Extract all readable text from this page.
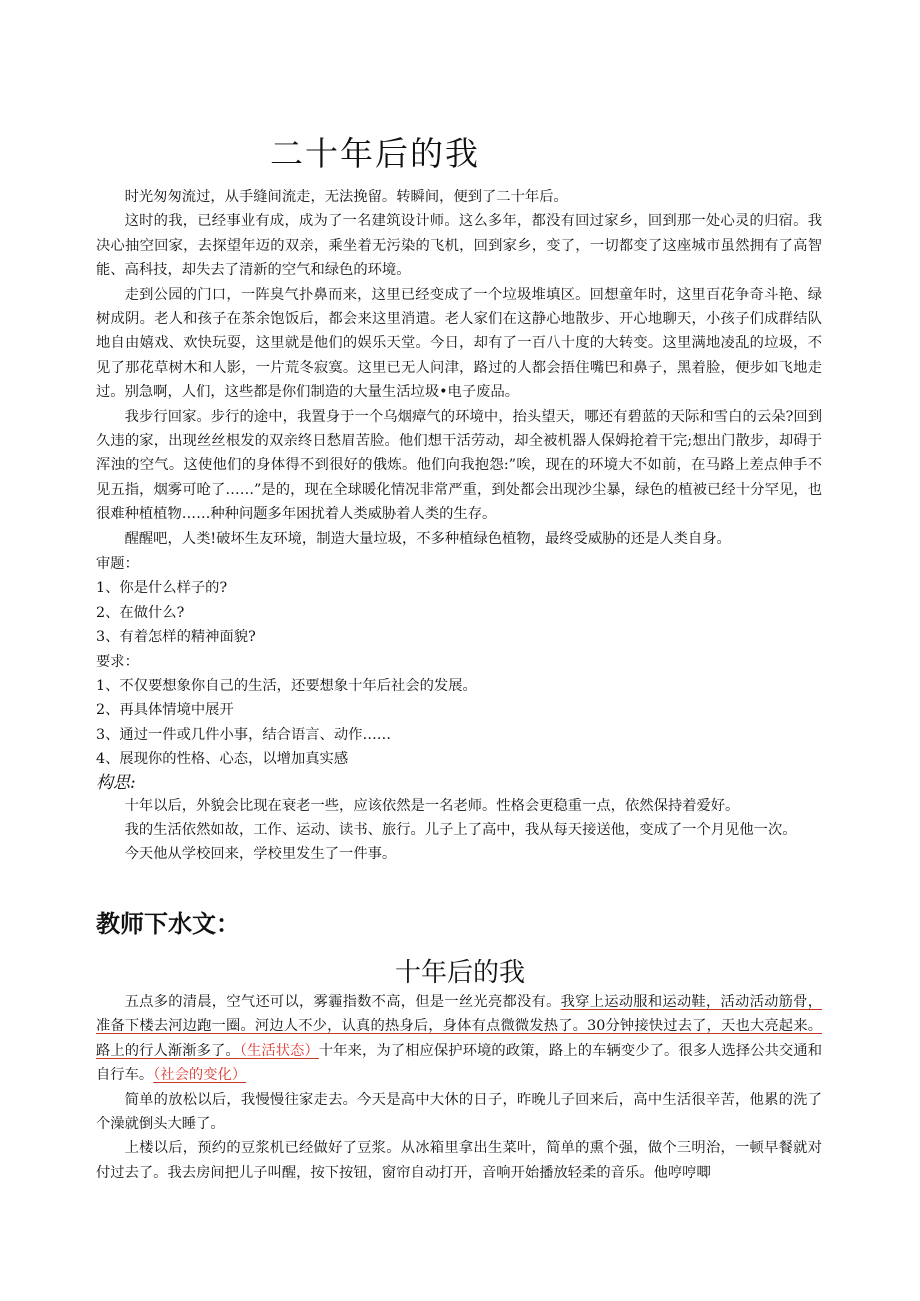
二十年后的我

时光匆匆流过，从手缝间流走，无法挽留。转瞬间，便到了二十年后。

这时的我，已经事业有成，成为了一名建筑设计师。这么多年，都没有回过家乡，回到那一处心灵的归宿。我决心抽空回家，去探望年迈的双亲，乘坐着无污染的飞机，回到家乡，变了，一切都变了这座城市虽然拥有了高智能、高科技，却失去了清新的空气和绿色的环境。

走到公园的门口，一阵臭气扑鼻而来，这里已经变成了一个垃圾堆填区。回想童年时，这里百花争奇斗艳、绿树成阴。老人和孩子在茶余饱饭后，都会来这里消遣。老人家们在这静心地散步、开心地聊天，小孩子们成群结队地自由嬉戏、欢快玩耍，这里就是他们的娱乐天堂。今日，却有了一百八十度的大转变。这里满地凌乱的垃圾，不见了那花草树木和人影，一片荒冬寂寞。这里已无人问津，路过的人都会捂住嘴巴和鼻子，黑着脸，便步如飞地走过。别急啊，人们，这些都是你们制造的大量生活垃圾•电子废品。

我步行回家。步行的途中，我置身于一个乌烟瘴气的环境中，抬头望天，哪还有碧蓝的天际和雪白的云朵?回到久违的家，出现丝丝根发的双亲终日愁眉苦脸。他们想干活劳动，却全被机器人保姆抢着干完;想出门散步，却碍于浑浊的空气。这使他们的身体得不到很好的俄炼。他们向我抱怨:”唉，现在的环境大不如前，在马路上差点伸手不见五指，烟雾可呛了……”是的，现在全球暖化情况非常严重，到处都会出现沙尘暴，绿色的植被已经十分罕见，也很难种植植物……种种问题多年困扰着人类威胁着人类的生存。

醒醒吧，人类!破坏生友环境，制造大量垃圾，不多种植绿色植物，最终受威胁的还是人类自身。

审题：

1、你是什么样子的?

2、在做什么?

3、有着怎样的精神面貌?

要求：

1、不仅要想象你自己的生活，还要想象十年后社会的发展。

2、再具体情境中展开

3、通过一件或几件小事，结合语言、动作……

4、展现你的性格、心态，以增加真实感

构思:

十年以后，外貌会比现在衰老一些，应该依然是一名老师。性格会更稳重一点，依然保持着爱好。

我的生活依然如故，工作、运动、读书、旅行。儿子上了高中，我从每天接送他，变成了一个月见他一次。

今天他从学校回来，学校里发生了一件事。

教师下水文：
十年后的我

五点多的清晨，空气还可以，雾霾指数不高，但是一丝光亮都没有。我穿上运动服和运动鞋，活动活动筋骨，准备下楼去河边跑一圈。河边人不少，认真的热身后，身体有点微微发热了。30分钟接快过去了，天也大亮起来。路上的行人渐渐多了。（生活状态）十年来，为了相应保护环境的政策，路上的车辆变少了。很多人选择公共交通和自行车。（社会的变化）

简单的放松以后，我慢慢往家走去。今天是高中大休的日子，昨晚儿子回来后，高中生活很辛苦，他累的洗了个澡就倒头大睡了。

上楼以后，预约的豆浆机已经做好了豆浆。从冰箱里拿出生菜叶，简单的熏个强，做个三明治，一顿早餐就对付过去了。我去房间把儿子叫醒，按下按钮，窗帘自动打开，音响开始播放轻柔的音乐。他哼哼唧
